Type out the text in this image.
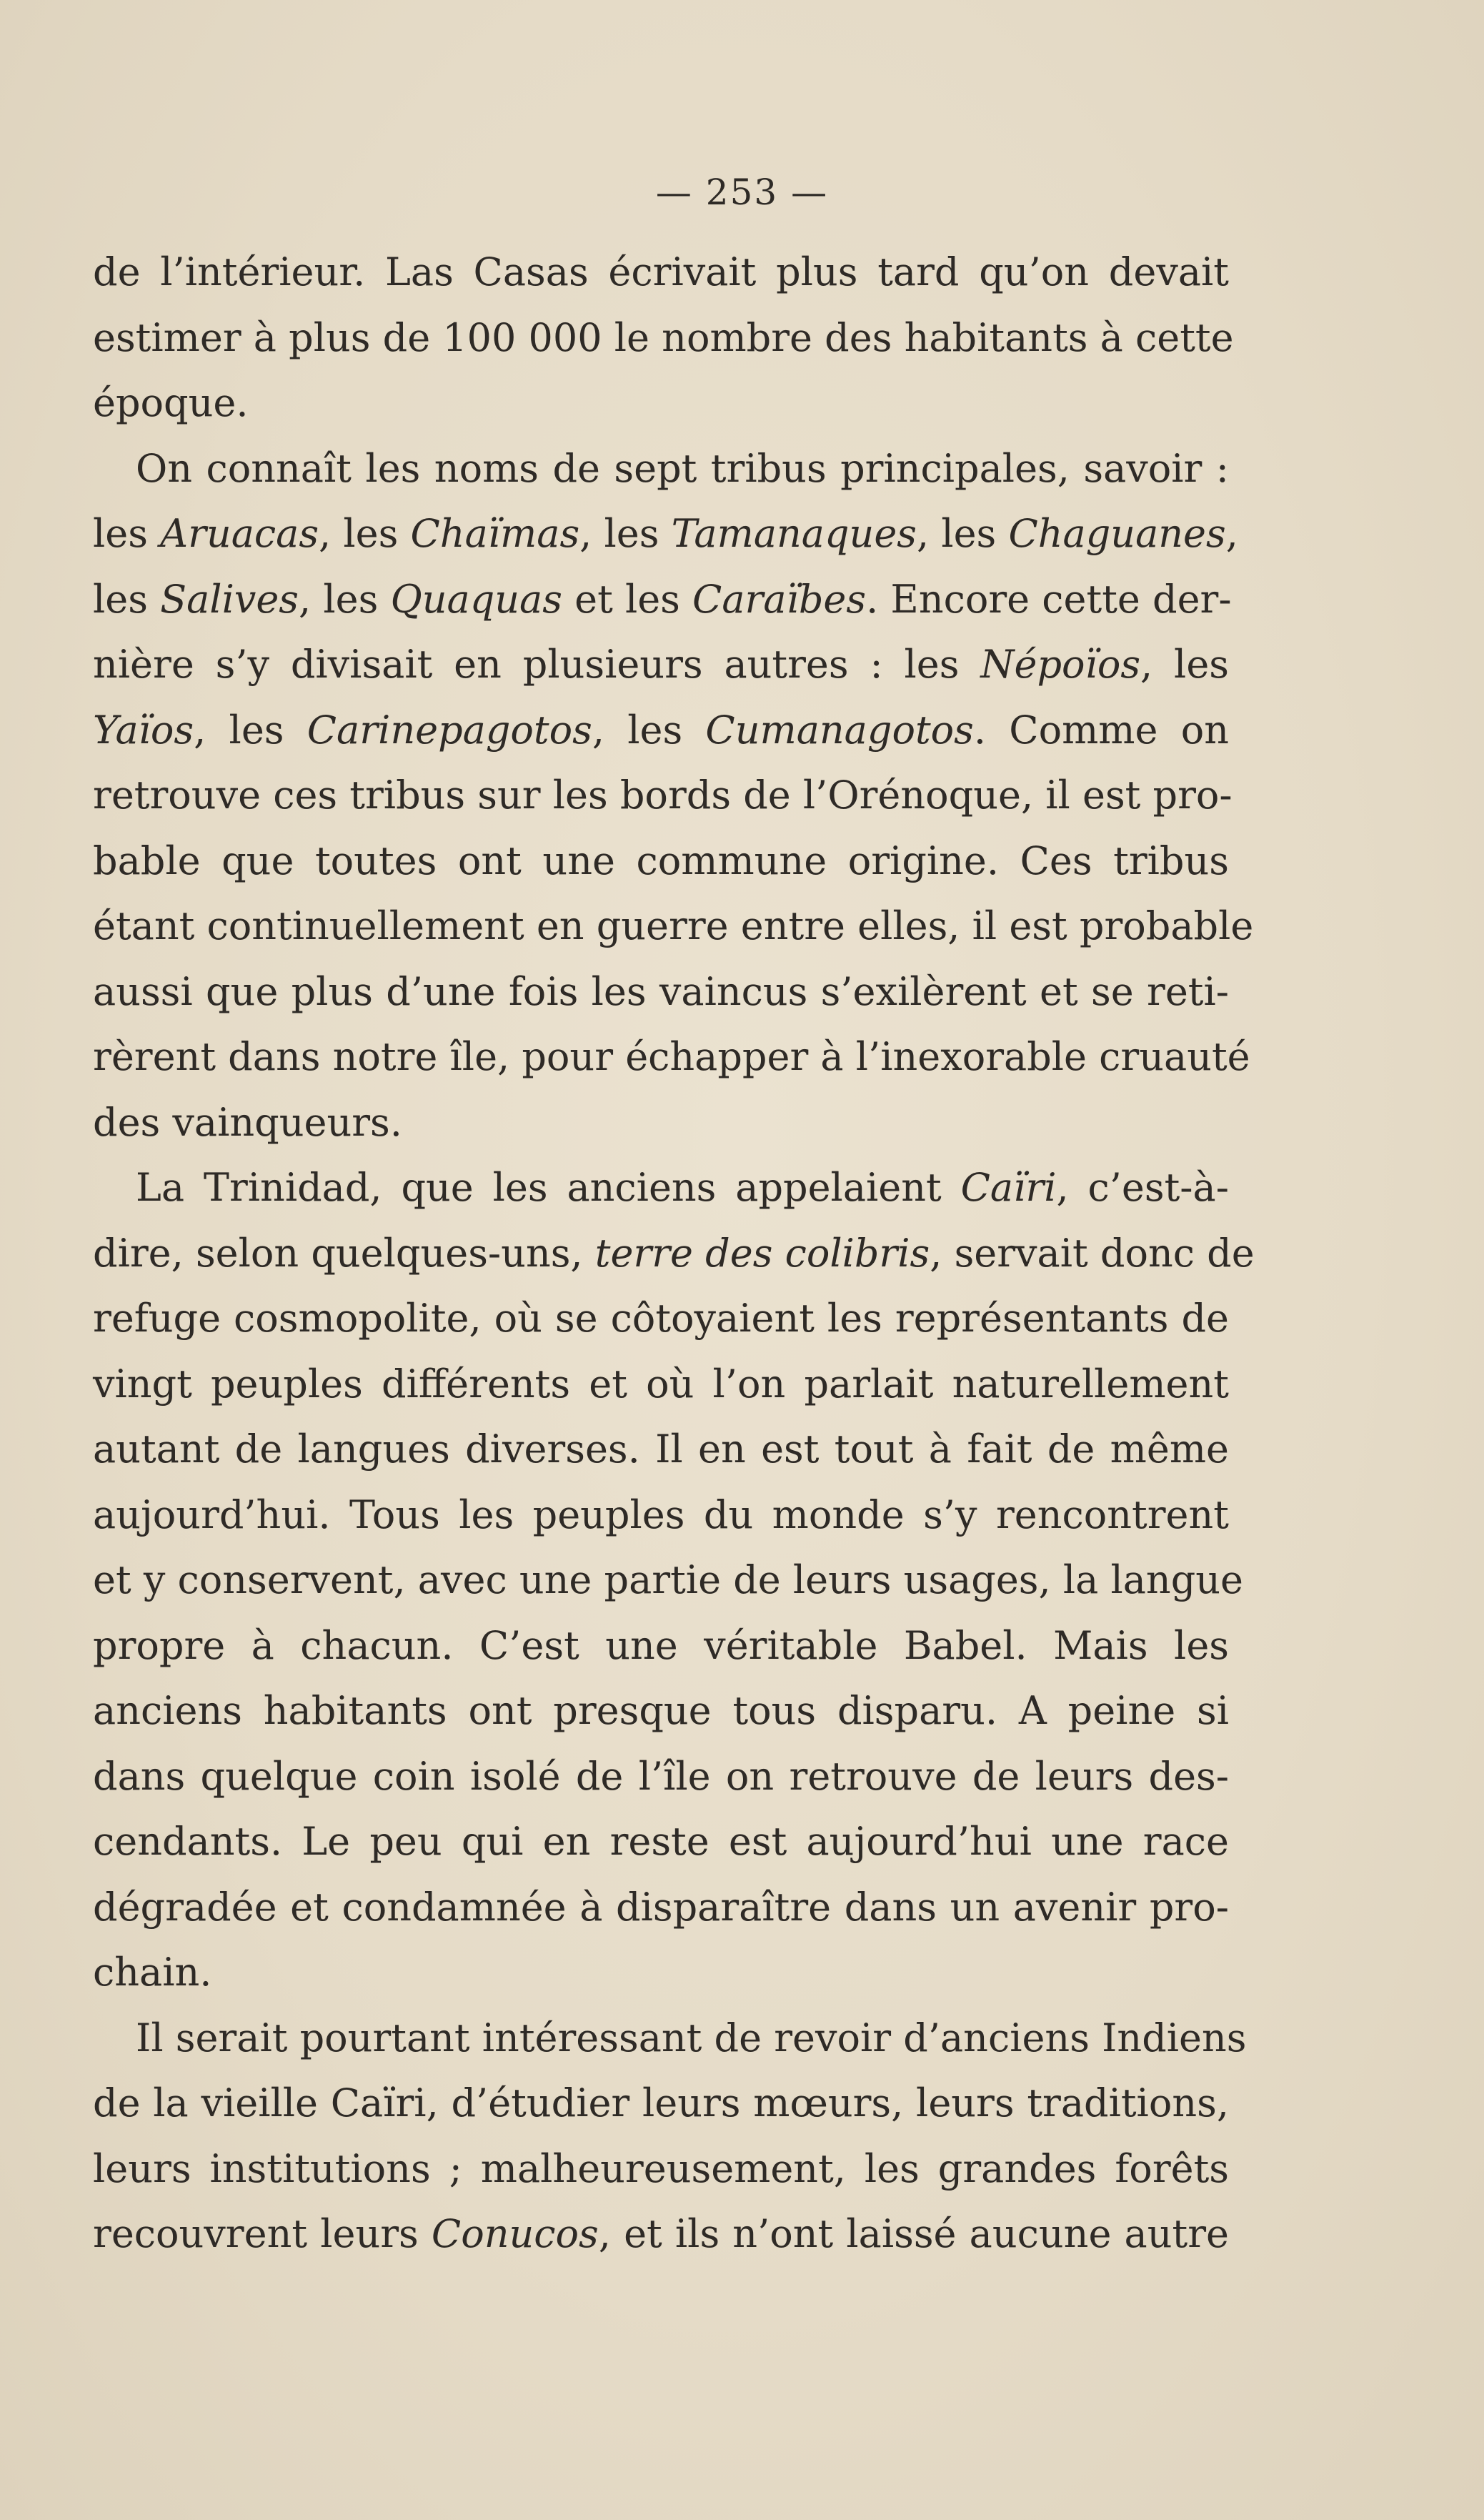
— 253 —
de l’intérieur. Las Casas écrivait plus tard qu’on devait
estimer à plus de 100 000 le nombre des habitants à cette
époque.
On connaît les noms de sept tribus principales, savoir :
les Aruacas, les Chaïmas, les Tamanaques, les Chaguanes,
les Salives, les Quaquas et les Caraïbes. Encore cette der-
nière s’y divisait en plusieurs autres : les Népoïos, les
Yaïos, les Carinepagotos, les Cumanagotos. Comme on
retrouve ces tribus sur les bords de l’Orénoque, il est pro-
bable que toutes ont une commune origine. Ces tribus
étant continuellement en guerre entre elles, il est probable
aussi que plus d’une fois les vaincus s’exilèrent et se reti-
rèrent dans notre île, pour échapper à l’inexorable cruauté
des vainqueurs.
La Trinidad, que les anciens appelaient Caïri, c’est-à-
dire, selon quelques-uns, terre des colibris, servait donc de
refuge cosmopolite, où se côtoyaient les représentants de
vingt peuples différents et où l’on parlait naturellement
autant de langues diverses. Il en est tout à fait de même
aujourd’hui. Tous les peuples du monde s’y rencontrent
et y conservent, avec une partie de leurs usages, la langue
propre à chacun. C’est une véritable Babel. Mais les
anciens habitants ont presque tous disparu. A peine si
dans quelque coin isolé de l’île on retrouve de leurs des-
cendants. Le peu qui en reste est aujourd’hui une race
dégradée et condamnée à disparaître dans un avenir pro-
chain.
Il serait pourtant intéressant de revoir d’anciens Indiens
de la vieille Caïri, d’étudier leurs mœurs, leurs traditions,
leurs institutions ; malheureusement, les grandes forêts
recouvrent leurs Conucos, et ils n’ont laissé aucune autre
